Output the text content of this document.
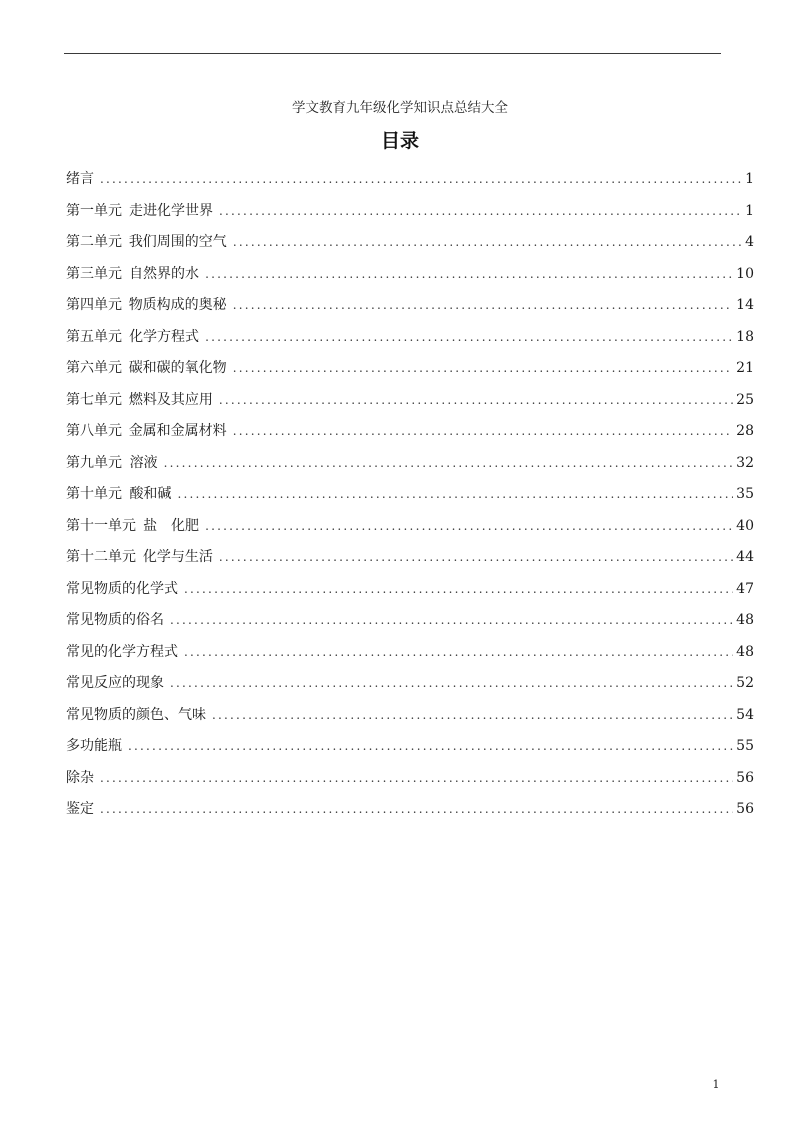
学文教育九年级化学知识点总结大全
目录
绪言 .....	1
第一单元 走进化学世界 .....	1
第二单元 我们周围的空气 .....	4
第三单元 自然界的水 .....	10
第四单元 物质构成的奥秘 .....	14
第五单元 化学方程式 .....	18
第六单元 碳和碳的氧化物 .....	21
第七单元 燃料及其应用 .....	25
第八单元 金属和金属材料 .....	28
第九单元 溶液 .....	32
第十单元 酸和碱 .....	35
第十一单元 盐　化肥 .....	40
第十二单元 化学与生活 .....	44
常见物质的化学式 .....	47
常见物质的俗名 .....	48
常见的化学方程式 .....	48
常见反应的现象 .....	52
常见物质的颜色、气味 .....	54
多功能瓶 .....	55
除杂 .....	56
鉴定 .....	56
1
